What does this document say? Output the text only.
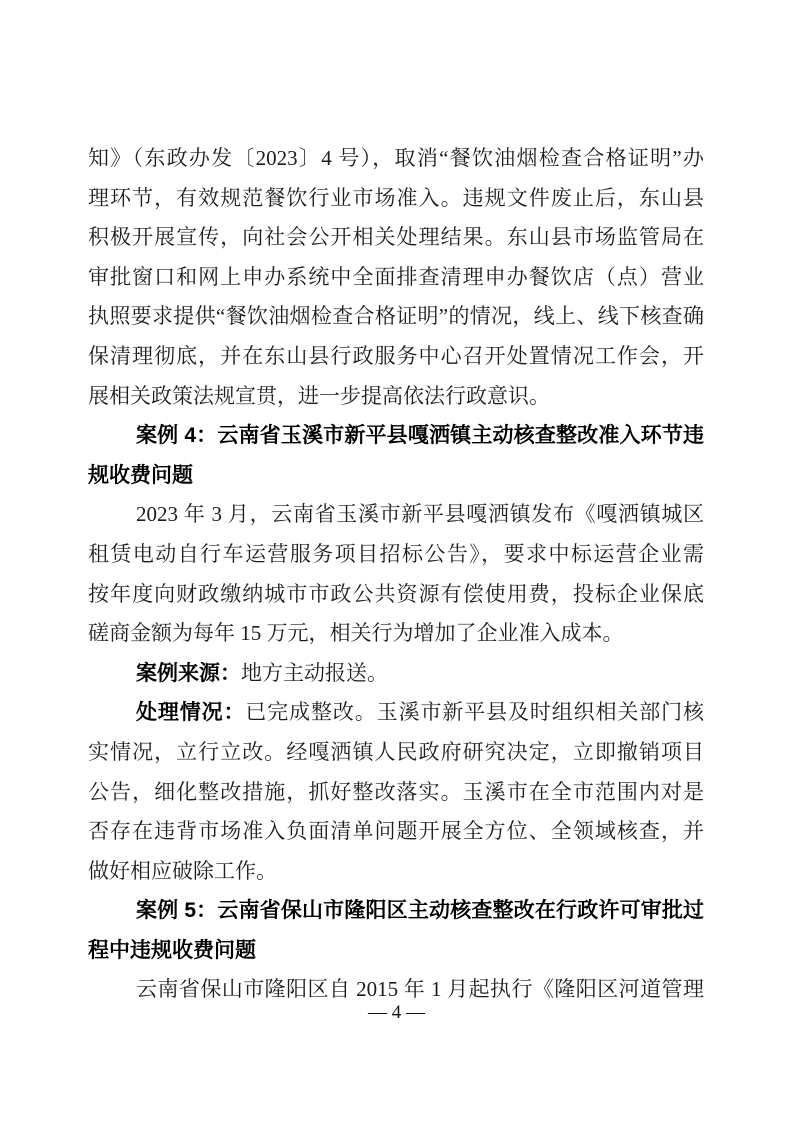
知》（东政办发〔2023〕4 号），取消“餐饮油烟检查合格证明”办
理环节，有效规范餐饮行业市场准入。违规文件废止后，东山县
积极开展宣传，向社会公开相关处理结果。东山县市场监管局在
审批窗口和网上申办系统中全面排查清理申办餐饮店（点）营业
执照要求提供“餐饮油烟检查合格证明”的情况，线上、线下核查确
保清理彻底，并在东山县行政服务中心召开处置情况工作会，开
展相关政策法规宣贯，进一步提高依法行政意识。
案例 4：云南省玉溪市新平县嘎洒镇主动核查整改准入环节违
规收费问题
2023 年 3 月，云南省玉溪市新平县嘎洒镇发布《嘎洒镇城区
租赁电动自行车运营服务项目招标公告》，要求中标运营企业需
按年度向财政缴纳城市市政公共资源有偿使用费，投标企业保底
磋商金额为每年 15 万元，相关行为增加了企业准入成本。
案例来源：地方主动报送。
处理情况：已完成整改。玉溪市新平县及时组织相关部门核
实情况，立行立改。经嘎洒镇人民政府研究决定，立即撤销项目
公告，细化整改措施，抓好整改落实。玉溪市在全市范围内对是
否存在违背市场准入负面清单问题开展全方位、全领域核查，并
做好相应破除工作。
案例 5：云南省保山市隆阳区主动核查整改在行政许可审批过
程中违规收费问题
云南省保山市隆阳区自 2015 年 1 月起执行《隆阳区河道管理
— 4 —
